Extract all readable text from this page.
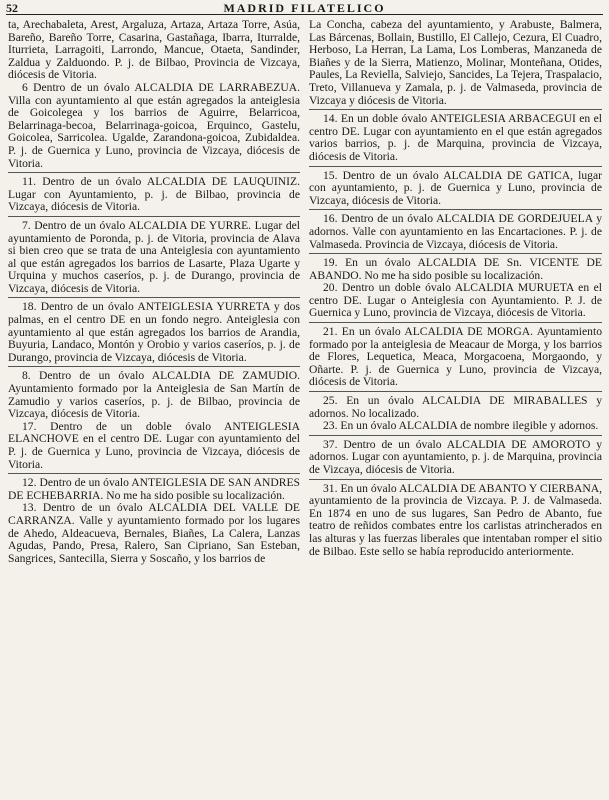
52	MADRID FILATELICO

ta, Arechabaleta, Arest, Argaluza, Artaza, Artaza Torre, Asúa, Bareño, Bareño Torre, Casarina, Gastañaga, Ibarra, Iturralde, Iturrieta, Larragoiti, Larrondo, Mancue, Otaeta, Sandinder, Zaldua y Zalduondo. P. j. de Bilbao, Provincia de Vizcaya, diócesis de Vitoria.

6 Dentro de un óvalo ALCALDIA DE LARRABEZUA. Villa con ayuntamiento al que están agregados la anteiglesia de Goicolegea y los barrios de Aguirre, Belarricoa, Belarrinaga-becoa, Belarrinaga-goicoa, Erquinco, Gastelu, Goicolea, Sarricolea. Ugalde, Zarandona-goicoa, Zubidaldea. P. j. de Guernica y Luno, provincia de Vizcaya, diócesis de Vitoria.

11. Dentro de un óvalo ALCALDIA DE LAUQUINIZ. Lugar con Ayuntamiento, p. j. de Bilbao, provincia de Vizcaya, diócesis de Vitoria.

7. Dentro de un óvalo ALCALDIA DE YURRE. Lugar del ayuntamiento de Poronda, p. j. de Vitoria, provincia de Alava si bien creo que se trata de una Anteiglesia con ayuntamiento al que están agregados los barrios de Lasarte, Plaza Ugarte y Urquina y muchos caseríos, p. j. de Durango, provincia de Vizcaya, diócesis de Vitoria.

18. Dentro de un óvalo ANTEIGLESIA YURRETA y dos palmas, en el centro DE en un fondo negro. Anteiglesia con ayuntamiento al que están agregados los barrios de Arandia, Buyuria, Landaco, Montón y Orobio y varios caseríos, p. j. de Durango, provincia de Vizcaya, diócesis de Vitoria.

8. Dentro de un óvalo ALCALDIA DE ZAMUDIO. Ayuntamiento formado por la Anteiglesia de San Martín de Zamudio y varios caseríos, p. j. de Bilbao, provincia de Vizcaya, diócesis de Vitoria.

17. Dentro de un doble óvalo ANTEIGLESIA ELANCHOVE en el centro DE. Lugar con ayuntamiento del P. j. de Guernica y Luno, provincia de Vizcaya, diócesis de Vitoria.

12. Dentro de un óvalo ANTEIGLESIA DE SAN ANDRES DE ECHEBARRIA. No me ha sido posible su localización.

13. Dentro de un óvalo ALCALDIA DEL VALLE DE CARRANZA. Valle y ayuntamiento formado por los lugares de Ahedo, Aldeacueva, Bernales, Biañes, La Calera, Lanzas Agudas, Pando, Presa, Ralero, San Cipriano, San Esteban, Sangrices, Santecilla, Sierra y Soscaño, y los barrios de

La Concha, cabeza del ayuntamiento, y Arabuste, Balmera, Las Bárcenas, Bollain, Bustillo, El Callejo, Cezura, El Cuadro, Herboso, La Herran, La Lama, Los Lomberas, Manzaneda de Biañes y de la Sierra, Matienzo, Molinar, Monteñana, Otides, Paules, La Reviella, Salviejo, Sancides, La Tejera, Traspalacio, Treto, Villanueva y Zamala, p. j. de Valmaseda, provincia de Vizcaya y diócesis de Vitoria.

14. En un doble óvalo ANTEIGLESIA ARBACEGUI en el centro DE. Lugar con ayuntamiento en el que están agregados varios barrios, p. j. de Marquina, provincia de Vizcaya, diócesis de Vitoria.

15. Dentro de un óvalo ALCALDIA DE GATICA, lugar con ayuntamiento, p. j. de Guernica y Luno, provincia de Vizcaya, diócesis de Vitoria.

16. Dentro de un óvalo ALCALDIA DE GORDEJUELA y adornos. Valle con ayuntamiento en las Encartaciones. P. j. de Valmaseda. Provincia de Vizcaya, diócesis de Vitoria.

19. En un óvalo ALCALDIA DE Sn. VICENTE DE ABANDO. No me ha sido posible su localización.

20. Dentro un doble óvalo ALCALDIA MURUETA en el centro DE. Lugar o Anteiglesia con Ayuntamiento. P. J. de Guernica y Luno, provincia de Vizcaya, diócesis de Vitoria.

21. En un óvalo ALCALDIA DE MORGA. Ayuntamiento formado por la anteiglesia de Meacaur de Morga, y los barrios de Flores, Lequetica, Meaca, Morgacoena, Morgaondo, y Oñarte. P. j. de Guernica y Luno, provincia de Vizcaya, diócesis de Vitoria.

25. En un óvalo ALCALDIA DE MIRABALLES y adornos. No localizado.

23. En un óvalo ALCALDIA de nombre ilegible y adornos.

37. Dentro de un óvalo ALCALDIA DE AMOROTO y adornos. Lugar con ayuntamiento, p. j. de Marquina, provincia de Vizcaya, diócesis de Vitoria.

31. En un óvalo ALCALDIA DE ABANTO Y CIERBANA, ayuntamiento de la provincia de Vizcaya. P. J. de Valmaseda. En 1874 en uno de sus lugares, San Pedro de Abanto, fue teatro de reñidos combates entre los carlistas atrincherados en las alturas y las fuerzas liberales que intentaban romper el sitio de Bilbao. Este sello se había reproducido anteriormente.
